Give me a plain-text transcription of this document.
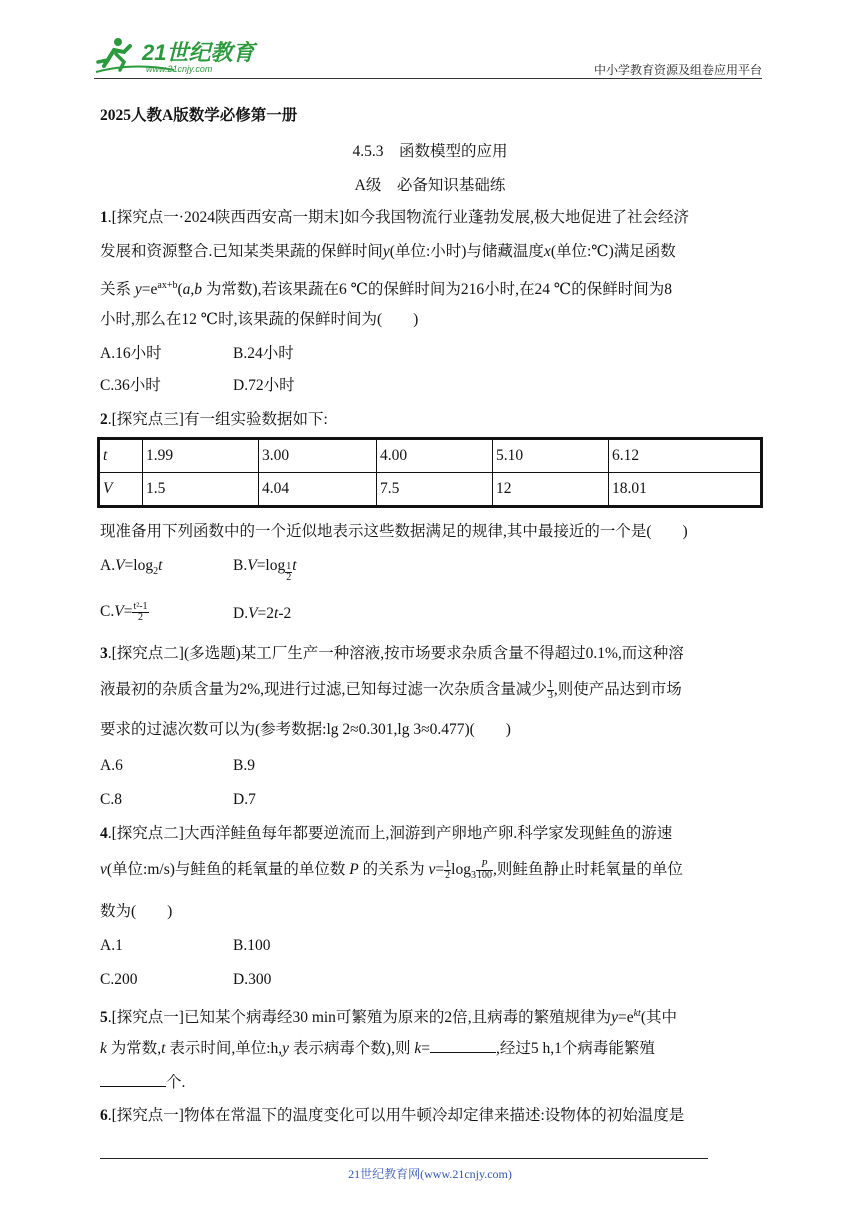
21世纪教育
www.21cnjy.com	中小学教育资源及组卷应用平台
2025人教A版数学必修第一册
4.5.3　函数模型的应用
A级　必备知识基础练
1.[探究点一·2024陕西西安高一期末]如今我国物流行业蓬勃发展,极大地促进了社会经济
发展和资源整合.已知某类果蔬的保鲜时间y(单位:小时)与储藏温度x(单位:℃)满足函数
关系 $y=e^{ax+b}(a,b$ 为常数),若该果蔬在6 ℃的保鲜时间为216小时,在24 ℃的保鲜时间为8
小时,那么在12 ℃时,该果蔬的保鲜时间为(　　)
A.16小时	B.24小时
C.36小时	D.72小时
2.[探究点三]有一组实验数据如下:
t	1.99	3.00	4.00	5.10	6.12
V	1.5	4.04	7.5	12	18.01
现准备用下列函数中的一个近似地表示这些数据满足的规律,其中最接近的一个是(　　)
$A.V=\log_2t$	$B.V=\log \frac{1}{2}$ t
$C.V= \frac{\text{t²-1}}{2}$	D.V=2t-2
3.[探究点二](多选题)某工厂生产一种溶液,按市场要求杂质含量不得超过0.1%,而这种溶
液最初的杂质含量为2%,现进行过滤,已知每过滤一次杂质含量减少 $\frac{1}{3}$ ,则使产品达到市场
要求的过滤次数可以为(参考数据:lg 2≈0.301,lg 3≈0.477)(　　)
A.6	B.9
C.8	D.7
4.[探究点二]大西洋鲑鱼每年都要逆流而上,洄游到产卵地产卵.科学家发现鲑鱼的游速
v(单位:m/s)与鲑鱼的耗氧量的单位数 P 的关系为 $v= \frac{1}{2} \log_3 \frac{P}{100}$ ,则鲑鱼静止时耗氧量的单位
数为(　　)
A.1	B.100
C.200	D.300
5.[探究点一]已知某个病毒经30 min可繁殖为原来的2倍,且病毒的繁殖规律为$y=e^{kt}$(其中
k 为常数,t 表示时间,单位:h,y 表示病毒个数),则 k=	,经过5 h,1个病毒能繁殖
个.
6.[探究点一]物体在常温下的温度变化可以用牛顿冷却定律来描述:设物体的初始温度是
21世纪教育网(www.21cnjy.com)
